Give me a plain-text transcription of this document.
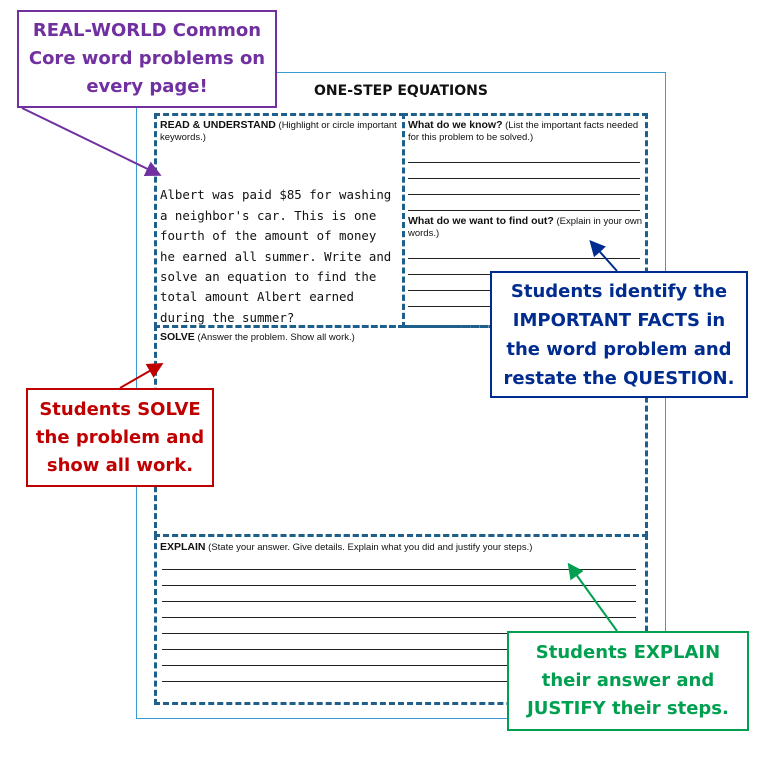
ONE-STEP EQUATIONS
READ & UNDERSTAND (Highlight or circle important keywords.)
What do we know? (List the important facts needed for this problem to be solved.)
What do we want to find out? (Explain in your own words.)
SOLVE (Answer the problem. Show all work.)
EXPLAIN (State your answer. Give details. Explain what you did and justify your steps.)

Albert was paid $85 for washing
a neighbor's car. This is one
fourth of the amount of money
he earned all summer. Write and
solve an equation to find the
total amount Albert earned
during the summer?
REAL-WORLD Common
Core word problems on
every page!
Students identify the
IMPORTANT FACTS in
the word problem and
restate the QUESTION.
Students SOLVE
the problem and
show all work.
Students EXPLAIN
their answer and
JUSTIFY their steps.
